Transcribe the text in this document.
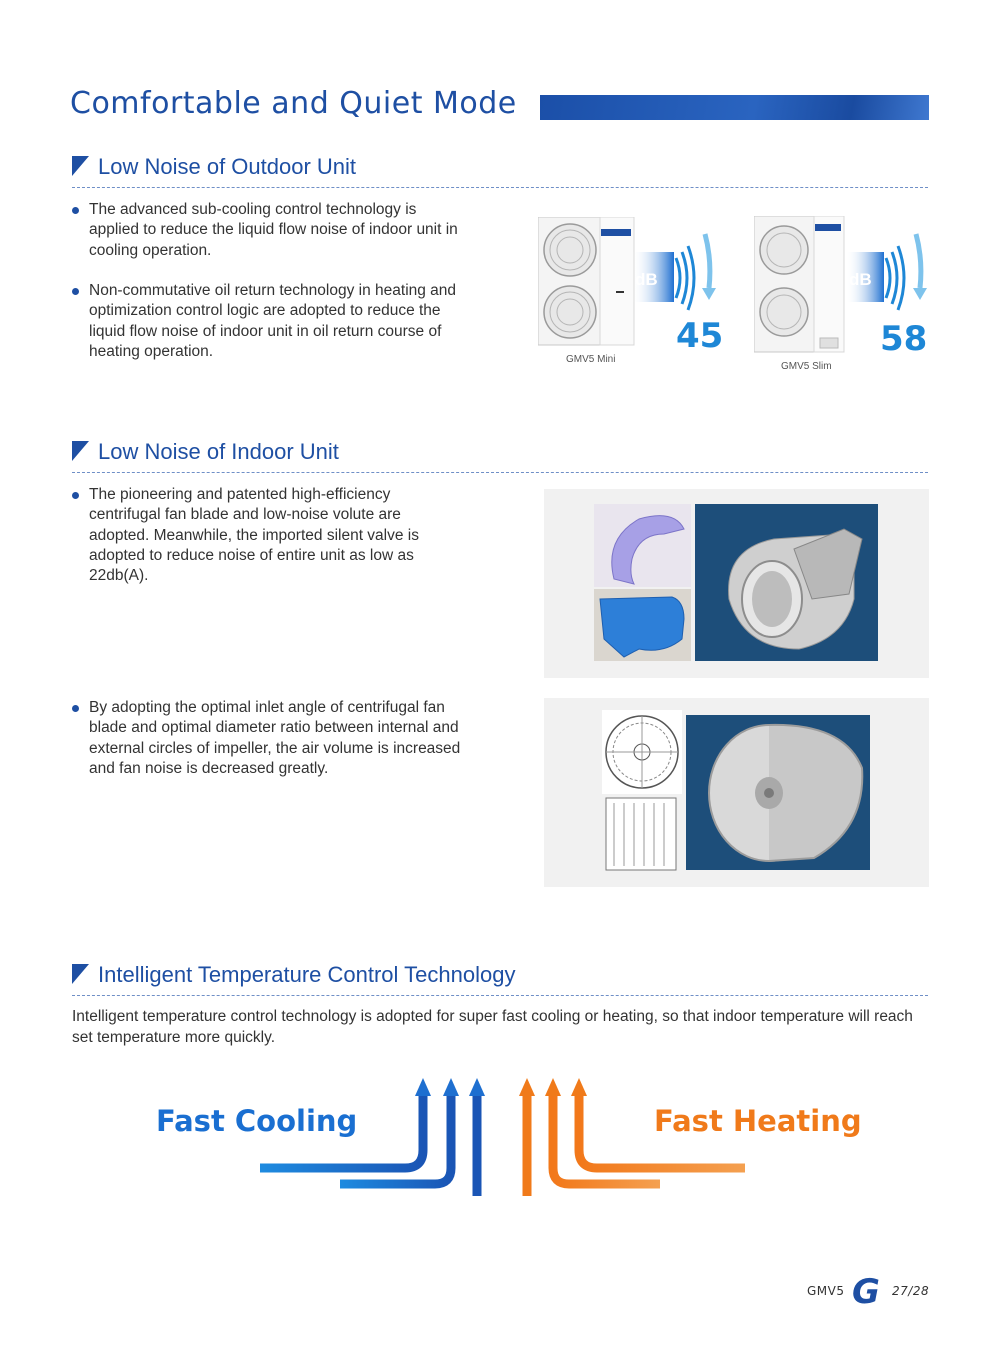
Comfortable and Quiet Mode
Low Noise of Outdoor Unit
The advanced sub-cooling control technology is applied to reduce the liquid flow noise of indoor unit in cooling operation.
Non-commutative oil return technology in heating and optimization control logic are adopted to reduce the liquid flow noise of indoor unit in oil return course of heating operation.	GMV5 Mini
dB
45
GMV5 Slim
dB
58
Low Noise of Indoor Unit
The pioneering and patented high-efficiency centrifugal fan blade and low-noise volute are adopted. Meanwhile, the imported silent valve is adopted to reduce noise of entire unit as low as 22db(A).
By adopting the optimal inlet angle of centrifugal fan blade and optimal diameter ratio between internal and external circles of impeller, the air volume is increased and fan noise is decreased greatly.
Intelligent Temperature Control Technology
Intelligent temperature control technology is adopted for super fast cooling or heating, so that indoor temperature will reach set temperature more quickly.
Fast Cooling	Fast Heating
GMV5 G 27/28
